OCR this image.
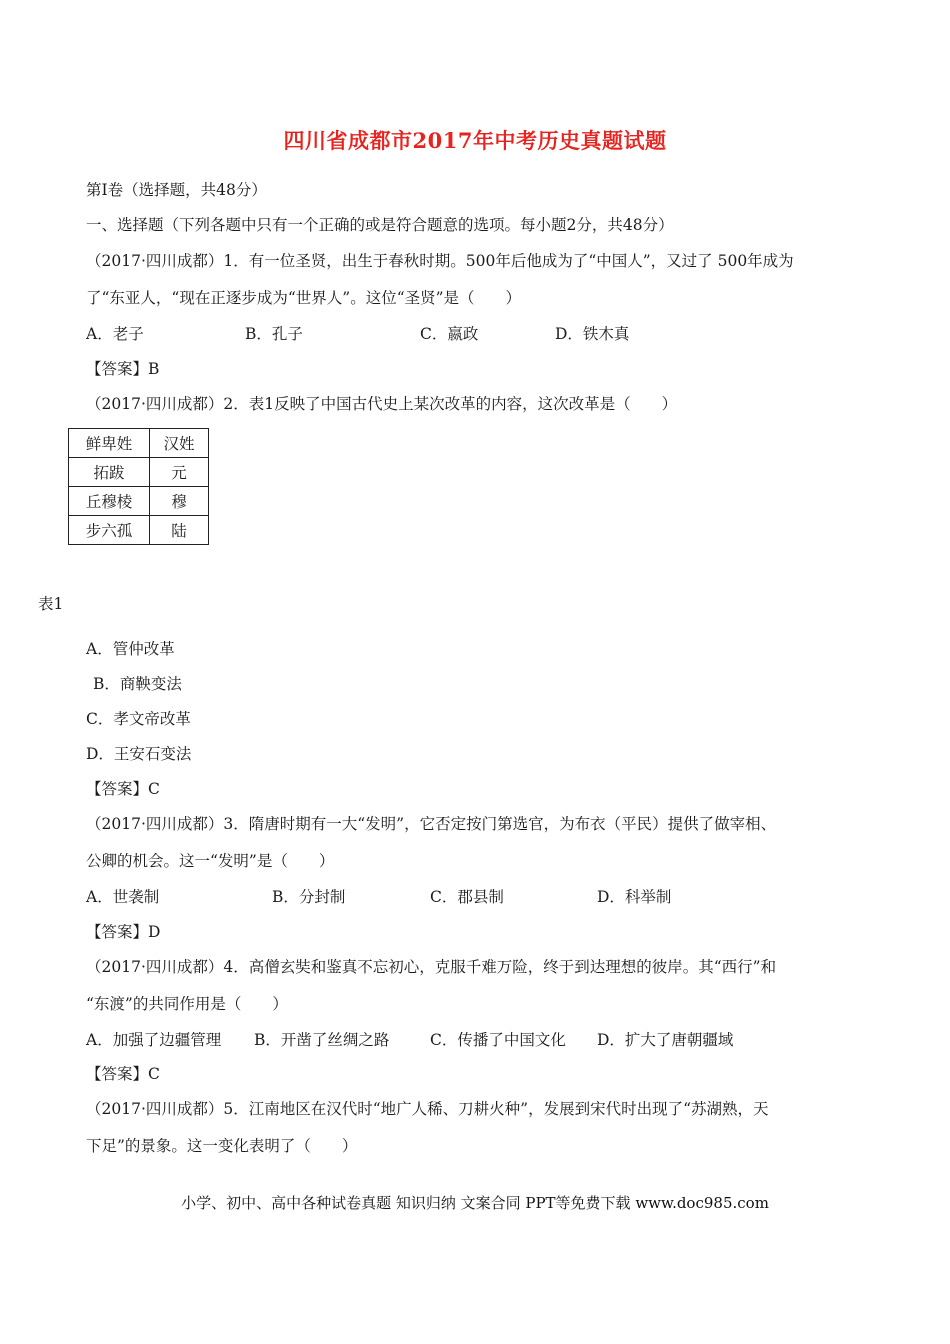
四川省成都市2017年中考历史真题试题
第Ⅰ卷（选择题，共48分）
一、选择题（下列各题中只有一个正确的或是符合题意的选项。每小题2分，共48分）
（2017·四川成都）1．有一位圣贤，出生于春秋时期。500年后他成为了“中国人”，又过了 500年成为
了“东亚人，“现在正逐步成为“世界人”。这位“圣贤”是（　　）
A．老子	B．孔子	C．嬴政	D．铁木真
【答案】B
（2017·四川成都）2．表1反映了中国古代史上某次改革的内容，这次改革是（　　）
鲜卑姓	汉姓
拓跋	元
丘穆棱	穆
步六孤	陆
表1
A．管仲改革
B．商鞅变法
C．孝文帝改革
D．王安石变法
【答案】C
（2017·四川成都）3．隋唐时期有一大“发明”，它否定按门第选官，为布衣（平民）提供了做宰相、
公卿的机会。这一“发明”是（　　）
A．世袭制	B．分封制	C．郡县制	D．科举制
【答案】D
（2017·四川成都）4．高僧玄奘和鉴真不忘初心，克服千难万险，终于到达理想的彼岸。其“西行”和
“东渡”的共同作用是（　　）
A．加强了边疆管理 B．开凿了丝绸之路	C．传播了中国文化 D．扩大了唐朝疆域
【答案】C
（2017·四川成都）5．江南地区在汉代时“地广人稀、刀耕火种”，发展到宋代时出现了“苏湖熟，天
下足”的景象。这一变化表明了（　　）
小学、初中、高中各种试卷真题 知识归纳 文案合同 PPT等免费下载 www.doc985.com
